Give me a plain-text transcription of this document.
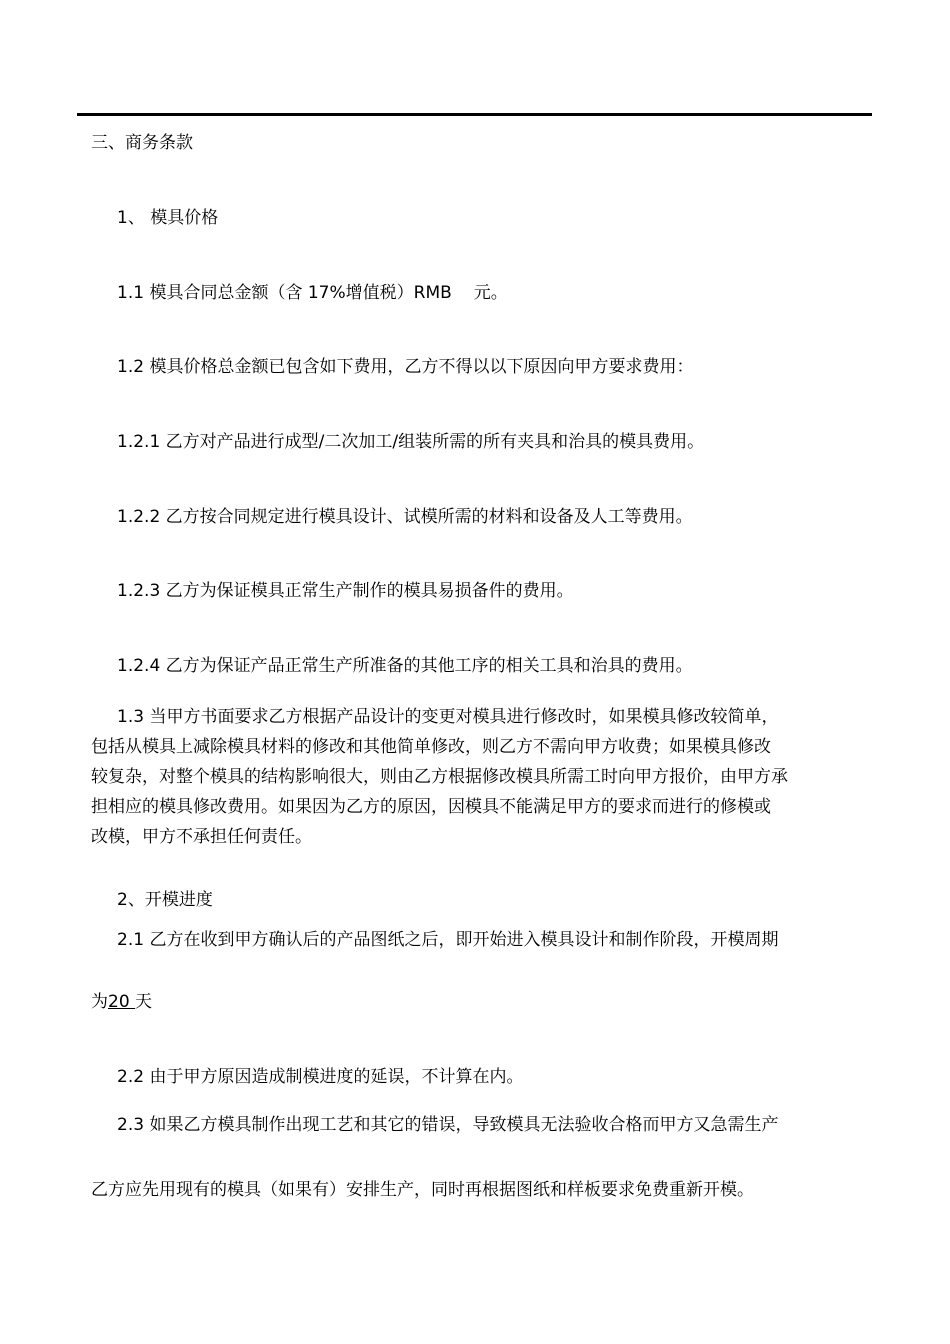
三、商务条款
1、 模具价格
1.1 模具合同总金额（含 17%增值税）RMB 元。
1.2 模具价格总金额已包含如下费用，乙方不得以以下原因向甲方要求费用：
1.2.1 乙方对产品进行成型/二次加工/组装所需的所有夹具和治具的模具费用。
1.2.2 乙方按合同规定进行模具设计、试模所需的材料和设备及人工等费用。
1.2.3 乙方为保证模具正常生产制作的模具易损备件的费用。
1.2.4 乙方为保证产品正常生产所准备的其他工序的相关工具和治具的费用。
1.3 当甲方书面要求乙方根据产品设计的变更对模具进行修改时，如果模具修改较简单，
包括从模具上减除模具材料的修改和其他简单修改，则乙方不需向甲方收费；如果模具修改
较复杂，对整个模具的结构影响很大，则由乙方根据修改模具所需工时向甲方报价，由甲方承
担相应的模具修改费用。如果因为乙方的原因，因模具不能满足甲方的要求而进行的修模或
改模，甲方不承担任何责任。
2、开模进度
2.1 乙方在收到甲方确认后的产品图纸之后，即开始进入模具设计和制作阶段，开模周期
为20 天
2.2 由于甲方原因造成制模进度的延误，不计算在内。
2.3 如果乙方模具制作出现工艺和其它的错误，导致模具无法验收合格而甲方又急需生产
乙方应先用现有的模具（如果有）安排生产，同时再根据图纸和样板要求免费重新开模。
